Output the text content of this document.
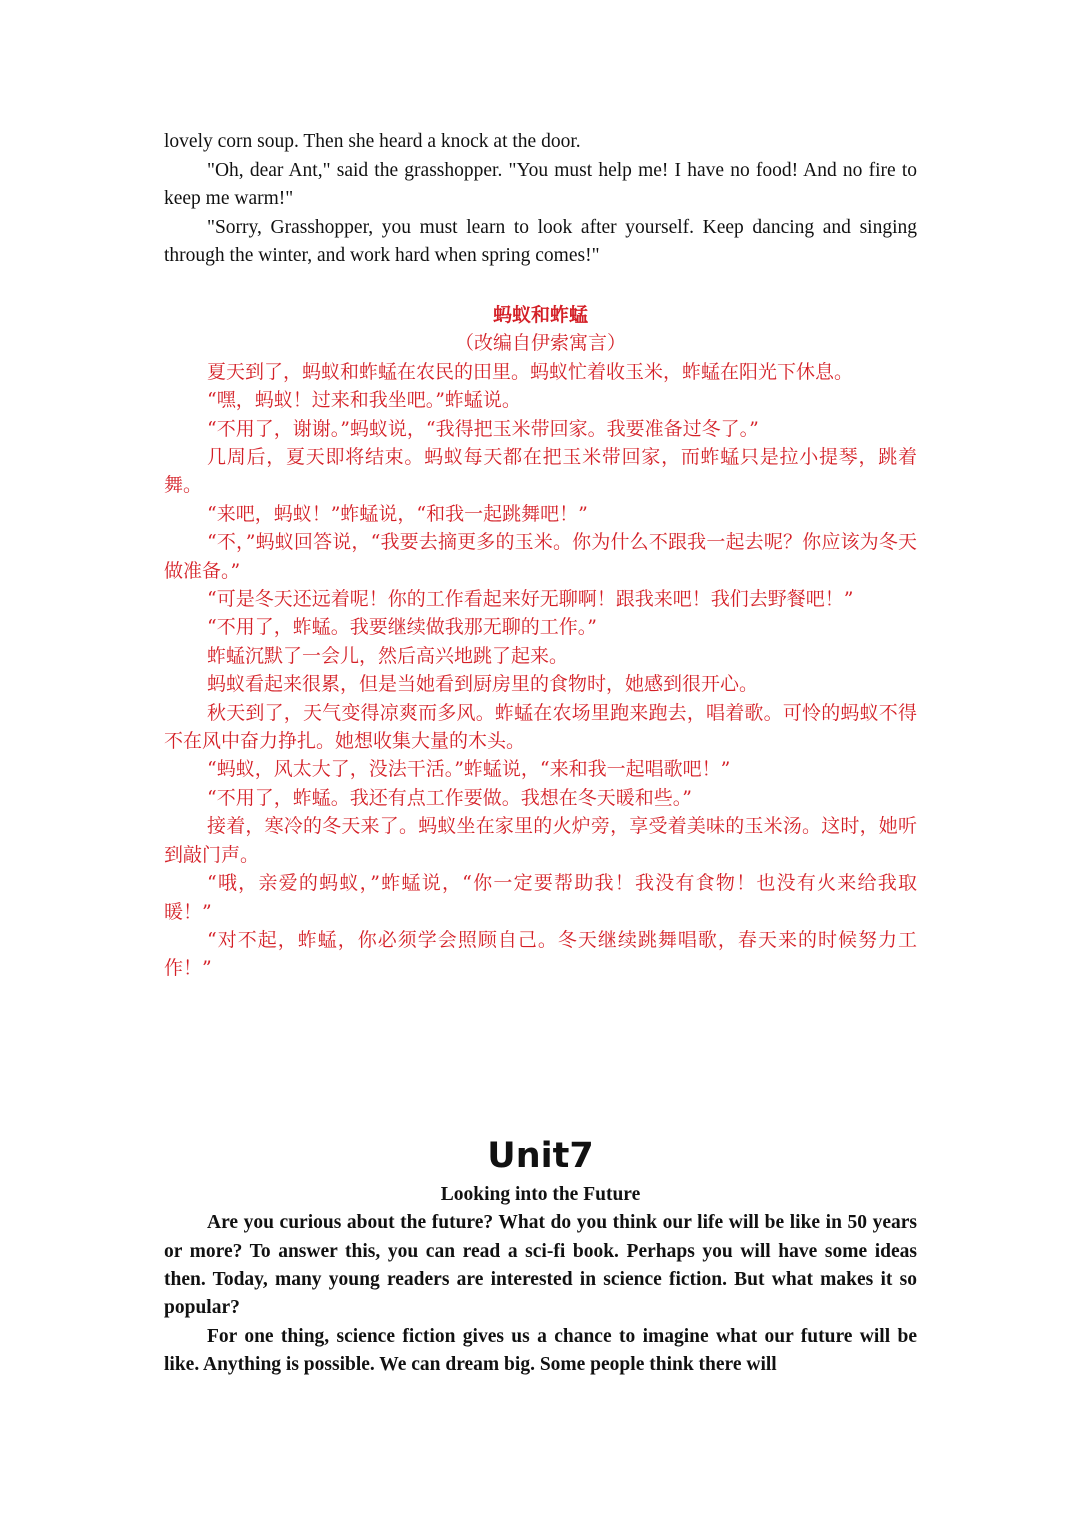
lovely corn soup. Then she heard a knock at the door.

"Oh, dear Ant," said the grasshopper. "You must help me! I have no food! And no fire to keep me warm!"

"Sorry, Grasshopper, you must learn to look after yourself. Keep dancing and singing through the winter, and work hard when spring comes!"

蚂蚁和蚱蜢

（改编自伊索寓言）

夏天到了，蚂蚁和蚱蜢在农民的田里。蚂蚁忙着收玉米，蚱蜢在阳光下休息。

“嘿，蚂蚁！过来和我坐吧。”蚱蜢说。

“不用了，谢谢。”蚂蚁说，“我得把玉米带回家。我要准备过冬了。”

几周后，夏天即将结束。蚂蚁每天都在把玉米带回家，而蚱蜢只是拉小提琴，跳着舞。

“来吧，蚂蚁！”蚱蜢说，“和我一起跳舞吧！”

“不，”蚂蚁回答说，“我要去摘更多的玉米。你为什么不跟我一起去呢？你应该为冬天做准备。”

“可是冬天还远着呢！你的工作看起来好无聊啊！跟我来吧！我们去野餐吧！”

“不用了，蚱蜢。我要继续做我那无聊的工作。”

蚱蜢沉默了一会儿，然后高兴地跳了起来。

蚂蚁看起来很累，但是当她看到厨房里的食物时，她感到很开心。

秋天到了，天气变得凉爽而多风。蚱蜢在农场里跑来跑去，唱着歌。可怜的蚂蚁不得不在风中奋力挣扎。她想收集大量的木头。

“蚂蚁，风太大了，没法干活。”蚱蜢说，“来和我一起唱歌吧！”

“不用了，蚱蜢。我还有点工作要做。我想在冬天暖和些。”

接着，寒冷的冬天来了。蚂蚁坐在家里的火炉旁，享受着美味的玉米汤。这时，她听到敲门声。

“哦，亲爱的蚂蚁，”蚱蜢说，“你一定要帮助我！我没有食物！也没有火来给我取暖！”

“对不起，蚱蜢，你必须学会照顾自己。冬天继续跳舞唱歌，春天来的时候努力工作！”

Unit7

Looking into the Future

Are you curious about the future? What do you think our life will be like in 50 years or more? To answer this, you can read a sci-fi book. Perhaps you will have some ideas then. Today, many young readers are interested in science fiction. But what makes it so popular?

For one thing, science fiction gives us a chance to imagine what our future will be like. Anything is possible. We can dream big. Some people think there will
